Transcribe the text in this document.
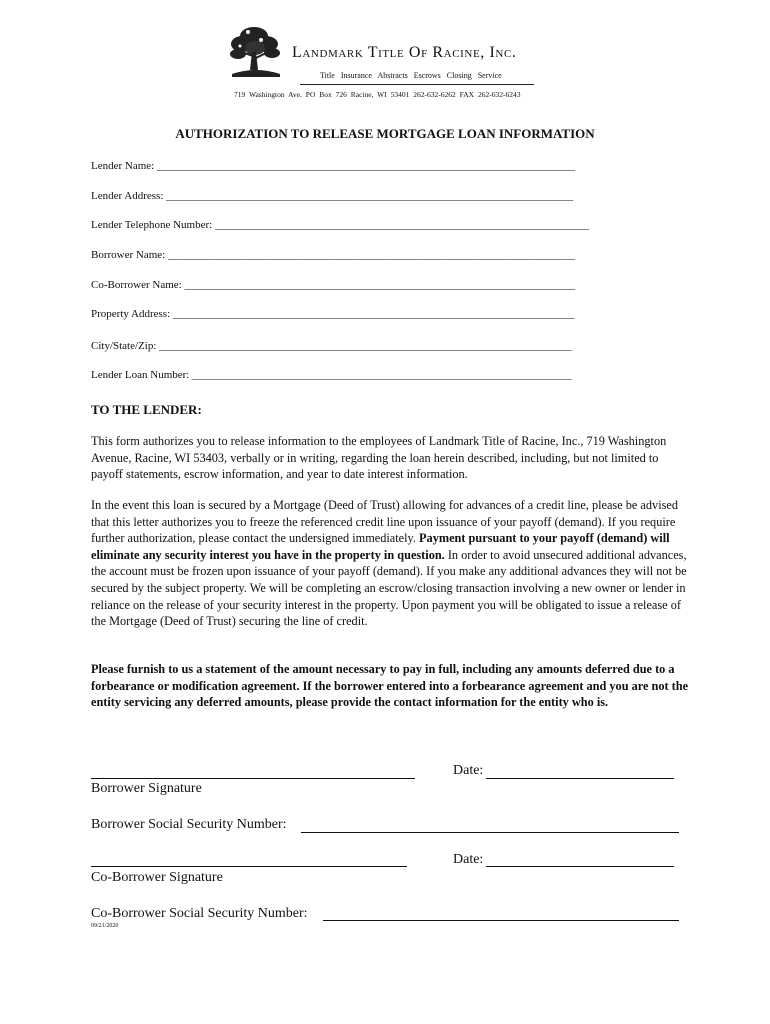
Landmark Title Of Racine, Inc.
Title Insurance Abstracts Escrows Closing Service
719 Washington Ave. PO Box 726 Racine, WI 53401 262-632-6262 FAX 262-632-6243
AUTHORIZATION TO RELEASE MORTGAGE LOAN INFORMATION
Lender Name: ____________________________________________________________________________
Lender Address: __________________________________________________________________________
Lender Telephone Number: ____________________________________________________________________
Borrower Name: __________________________________________________________________________
Co-Borrower Name: _______________________________________________________________________
Property Address: _________________________________________________________________________
City/State/Zip: ___________________________________________________________________________
Lender Loan Number: _____________________________________________________________________
TO THE LENDER:
This form authorizes you to release information to the employees of Landmark Title of Racine, Inc., 719 Washington Avenue, Racine, WI 53403, verbally or in writing, regarding the loan herein described, including, but not limited to payoff statements, escrow information, and year to date interest information.
In the event this loan is secured by a Mortgage (Deed of Trust) allowing for advances of a credit line, please be advised that this letter authorizes you to freeze the referenced credit line upon issuance of your payoff (demand). If you require further authorization, please contact the undersigned immediately. Payment pursuant to your payoff (demand) will eliminate any security interest you have in the property in question. In order to avoid unsecured additional advances, the account must be frozen upon issuance of your payoff (demand). If you make any additional advances they will not be secured by the subject property. We will be completing an escrow/closing transaction involving a new owner or lender in reliance on the release of your security interest in the property. Upon payment you will be obligated to issue a release of the Mortgage (Deed of Trust) securing the line of credit.
Please furnish to us a statement of the amount necessary to pay in full, including any amounts deferred due to a forbearance or modification agreement. If the borrower entered into a forbearance agreement and you are not the entity servicing any deferred amounts, please provide the contact information for the entity who is.
Date:
Borrower Signature
Borrower Social Security Number:
Date:
Co-Borrower Signature
Co-Borrower Social Security Number:
09/21/2020
